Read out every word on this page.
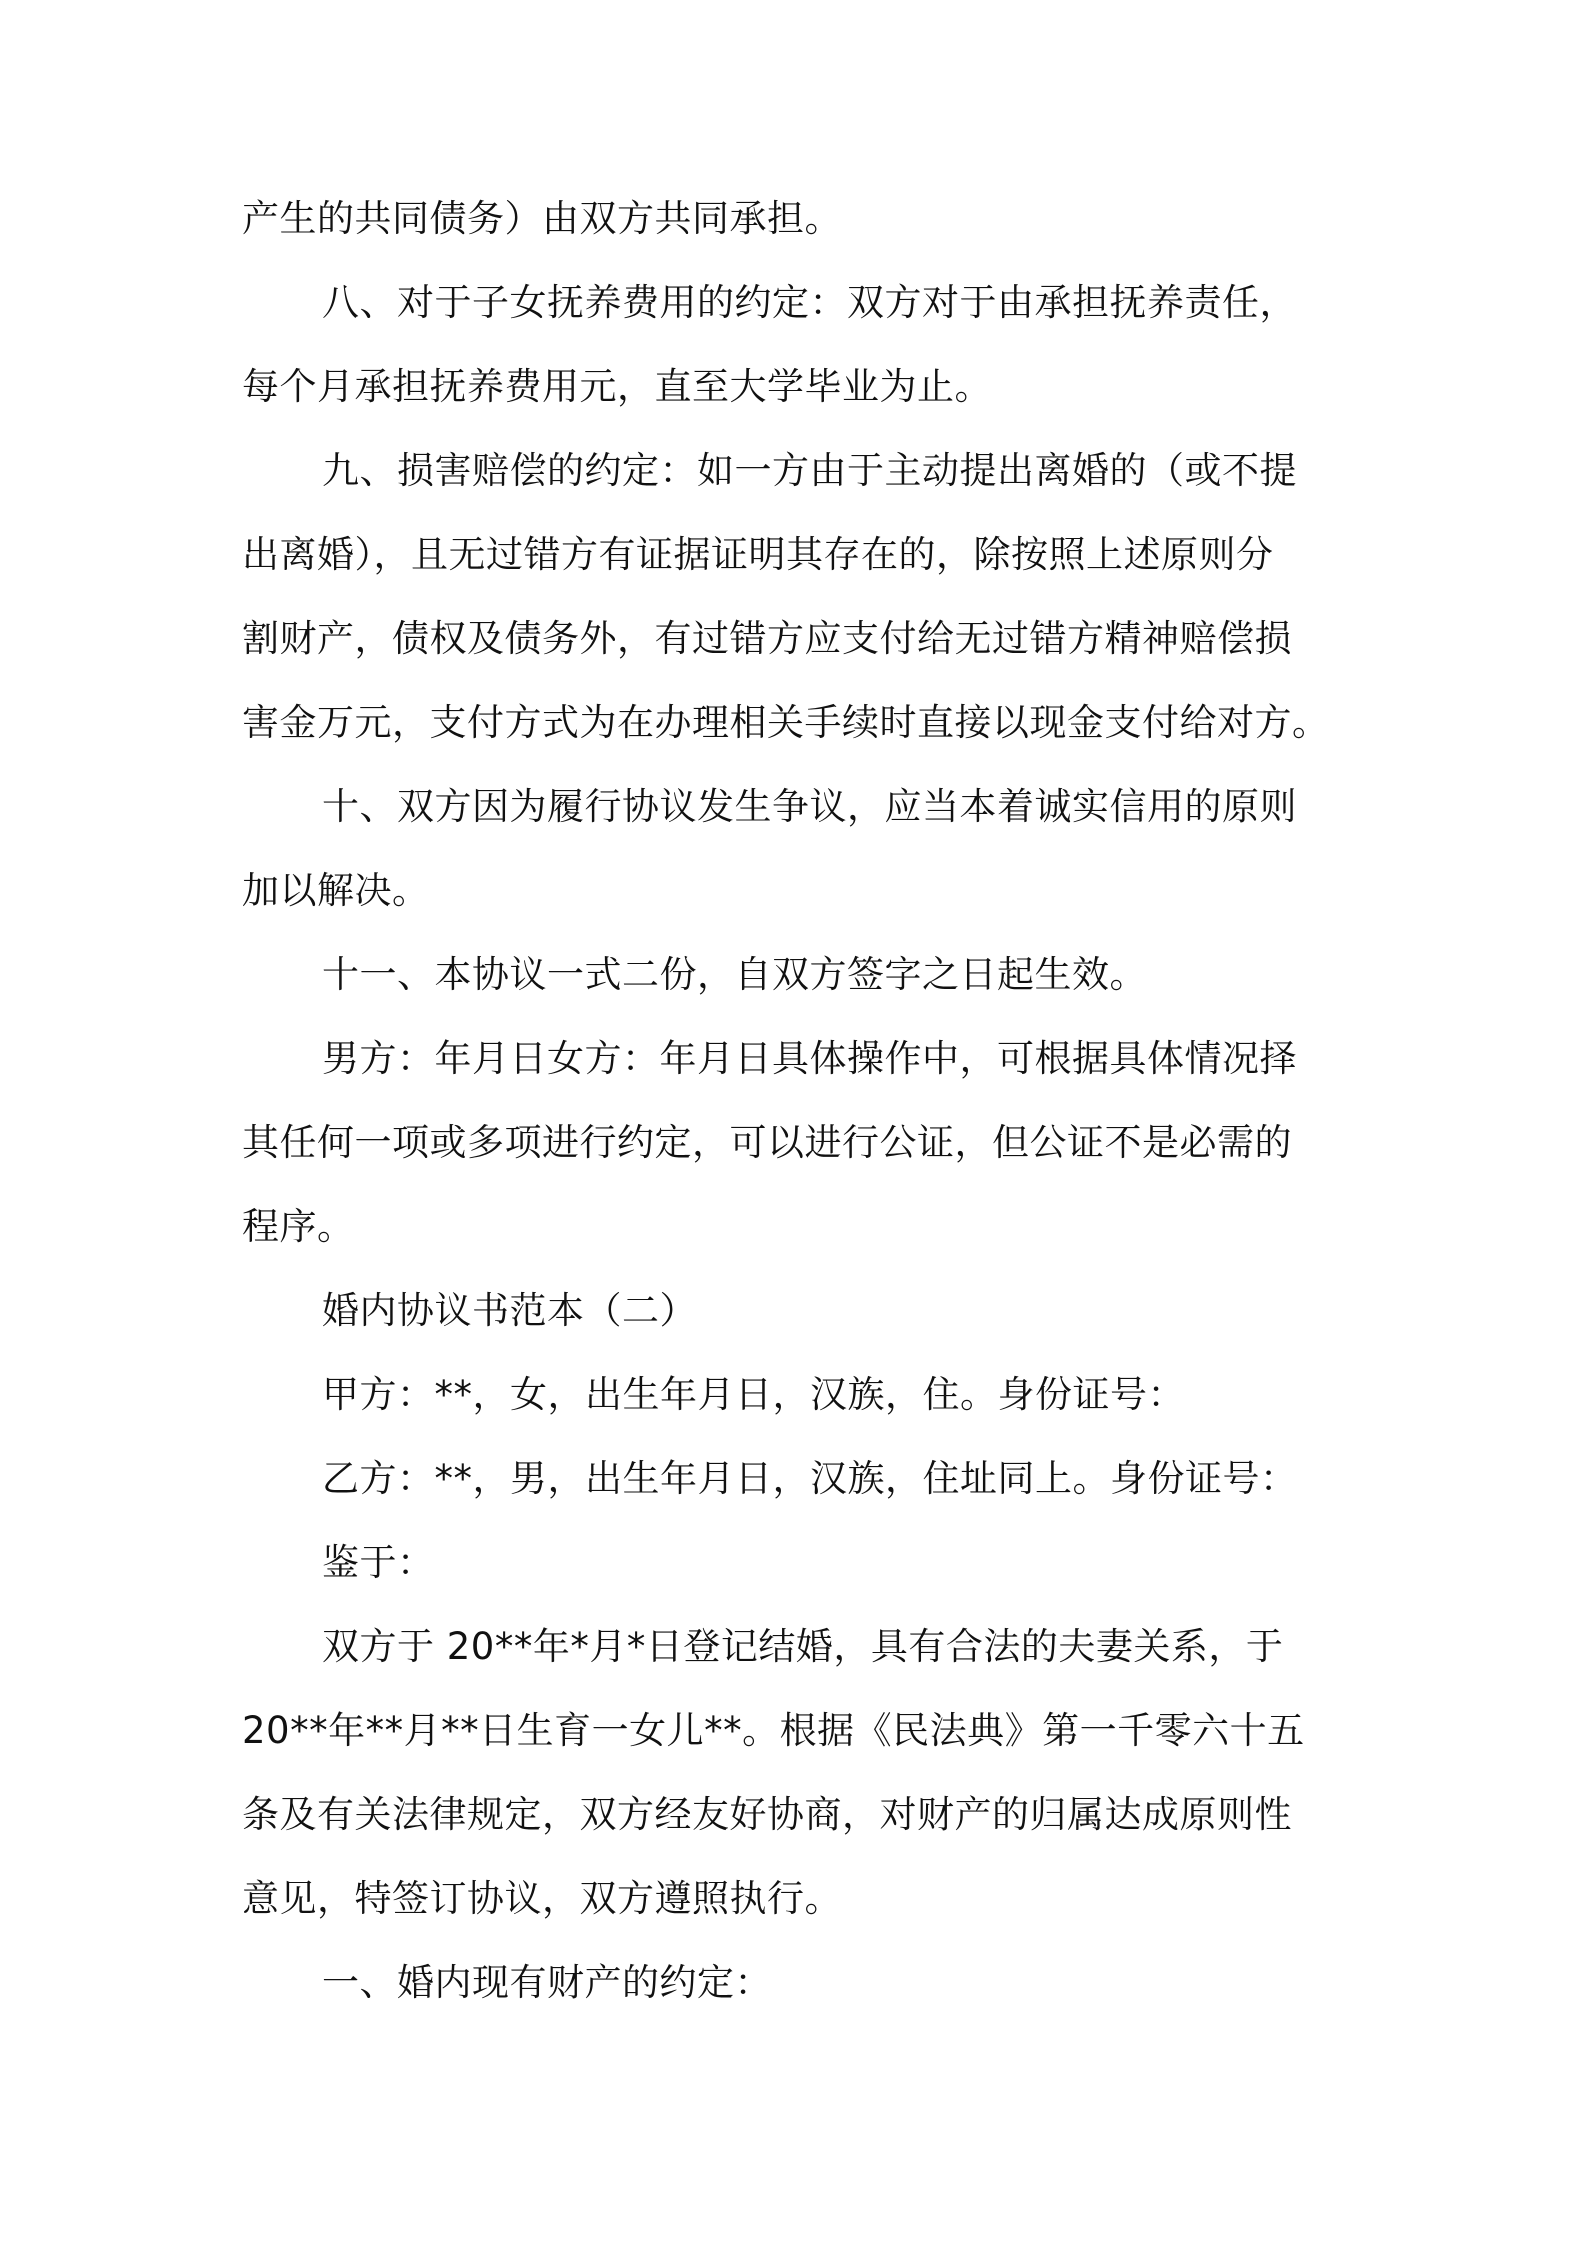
产生的共同债务）由双方共同承担。
八、对于子女抚养费用的约定：双方对于由承担抚养责任，
每个月承担抚养费用元，直至大学毕业为止。
九、损害赔偿的约定：如一方由于主动提出离婚的（或不提
出离婚），且无过错方有证据证明其存在的，除按照上述原则分
割财产，债权及债务外，有过错方应支付给无过错方精神赔偿损
害金万元，支付方式为在办理相关手续时直接以现金支付给对方。
十、双方因为履行协议发生争议，应当本着诚实信用的原则
加以解决。
十一、本协议一式二份，自双方签字之日起生效。
男方：年月日女方：年月日具体操作中，可根据具体情况择
其任何一项或多项进行约定，可以进行公证，但公证不是必需的
程序。
婚内协议书范本（二）
甲方：**，女，出生年月日，汉族，住。身份证号：
乙方：**，男，出生年月日，汉族，住址同上。身份证号：
鉴于：
双方于 20**年*月*日登记结婚，具有合法的夫妻关系，于
20**年**月**日生育一女儿**。根据《民法典》第一千零六十五
条及有关法律规定，双方经友好协商，对财产的归属达成原则性
意见，特签订协议，双方遵照执行。
一、婚内现有财产的约定：
